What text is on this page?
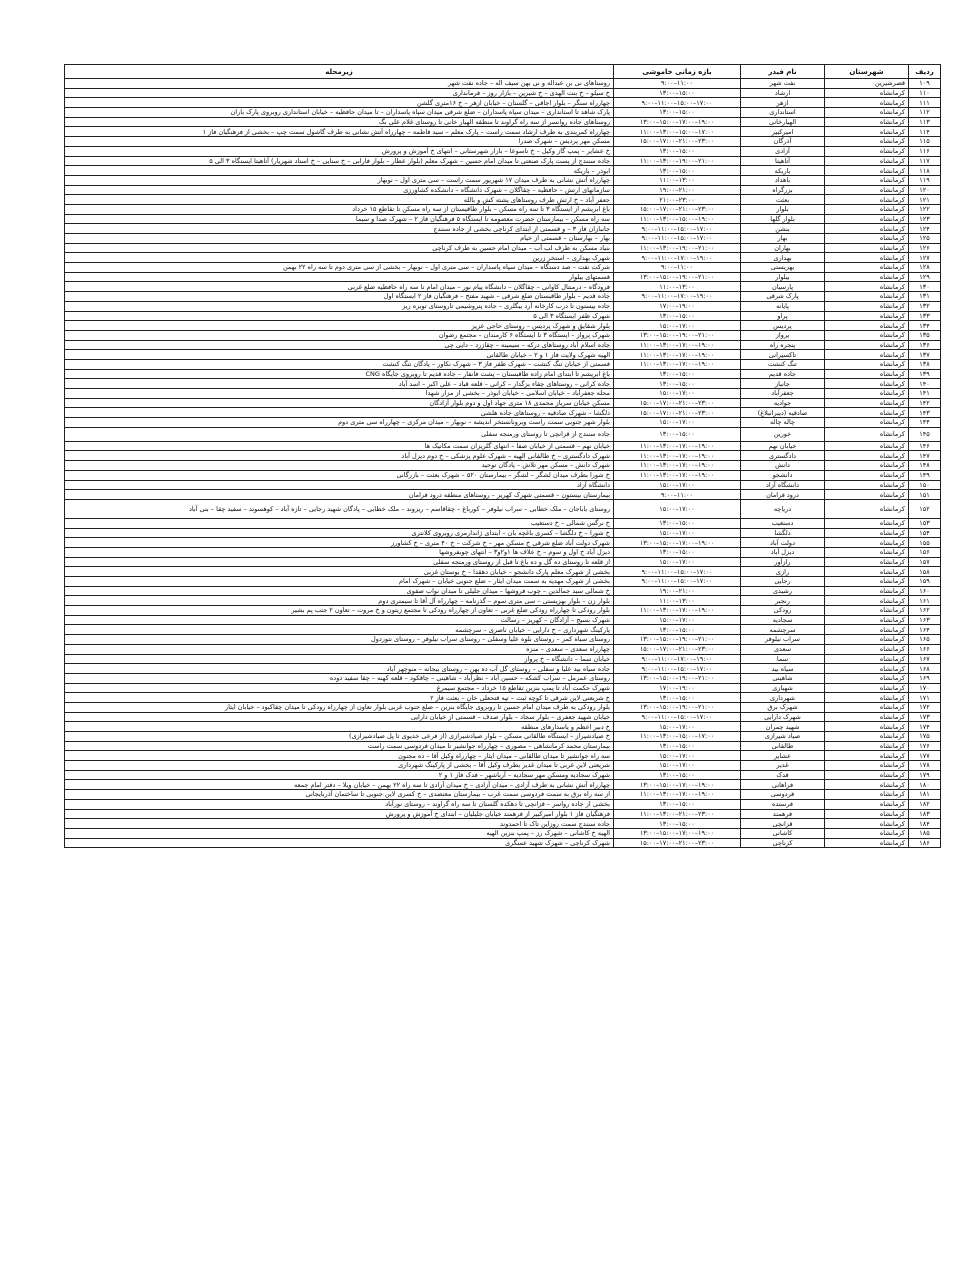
ردیف	شهرستان	نام فیدر	بازه زمانی خاموشی	زیرمحله
۱۰۹	قصرشیرین	نفت شهر	۹:۰۰–۱۱:۰۰	روستاهای نی بن عبداله و نی بهن سیف اله – جاده نفت شهر
۱۱۰	کرمانشاه	ارشاد	۱۳:۰۰–۱۵:۰۰	خ سیلو – خ بنت الهدی – خ شیرین – بازار روز – فرمانداری
۱۱۱	کرمانشاه	ازهر	۹:۰۰–۱۱:۰۰–۱۵:۰۰–۱۷:۰۰	چهارراه سنگر – بلوار اجاقی – گلستان – خیابان ازهر – خ ۱۶متری گلشن
۱۱۲	کرمانشاه	استانداری	۱۳:۰۰–۱۵:۰۰	پارک شاهد تا استانداری – میدان سپاه پاسداران – ضلع شرقی میدان سپاه پاسداران – تا میدان حافظیه – خیابان استانداری روبروی پارک باران
۱۱۳	کرمانشاه	الهیارخانی	۱۳:۰۰–۱۵:۰۰–۱۷:۰۰–۱۹:۰۰	روستاهای جاده روانسر از سه راه گراوند تا منطقه الهیار خانی تا روستای غلام علی بگ
۱۱۴	کرمانشاه	امیرکبیر	۱۱:۰۰–۱۳:۰۰–۱۵:۰۰–۱۷:۰۰	چهارراه کمربندی به طرف ارشاد سمت راست – پارک معلم – سید فاطمه – چهارراه آتش نشانی به طرف گاشول سمت چپ – بخشی از فرهنگیان فاز ۱
۱۱۵	کرمانشاه	آذرگان	۱۵:۰۰–۱۷:۰۰–۲۱:۰۰–۲۳:۰۰	مسکن مهر پردیس – شهرک صدرا
۱۱۶	کرمانشاه	آزادی	۱۳:۰۰–۱۵:۰۰	خ عشایر – پمپ گاز وکیل – خ تاسوعا – بازار شهرستانی – انتهای خ آموزش و پرورش
۱۱۷	کرمانشاه	آتاهیتا	۱۱:۰۰–۱۳:۰۰–۱۹:۰۰–۲۱:۰۰	جاده سنندج از پست پارک صنعتی تا میدان امام حسین – شهرک معلم (بلوار عطار – بلوار فارابی – خ ستایی – خ استاد شهریار) آتاهیتا ایستگاه ۳ الی ۵
۱۱۸	کرمانشاه	باریکه	۱۳:۰۰–۱۵:۰۰	ابوذر – باریکه
۱۱۹	کرمانشاه	باهداد	۱۱:۰۰–۱۳:۰۰	چهارراه آتش نشانی به طرف میدان ۱۷ شهریور سمت راست – سی متری اول – نوبهار
۱۲۰	کرمانشاه	بزرگراه	۱۹:۰۰–۲۱:۰۰	سازمانهای ارتش – حافظیه – چقاگلان – شهرک دانشگاه – دانشکده کشاورزی
۱۲۱	کرمانشاه	بعثت	۲۱:۰۰–۲۳:۰۰	جعفر آباد – خ ارتش طرف روستاهای پشته کش و بالله
۱۲۲	کرمانشاه	بلوار	۱۵:۰۰–۱۷:۰۰–۲۱:۰۰–۲۳:۰۰	باغ ابریشم از ایستگاه ۳ تا سه راه مسکن – بلوار طاقبستان از سه راه مسکن تا تقاطع ۱۵ خرداد
۱۲۳	کرمانشاه	بلوار گلها	۱۱:۰۰–۱۳:۰۰–۱۵:۰۰–۱۹:۰۰	سه راه مسکن – بیمارستان حضرت معصومه تا ایستگاه ۵ فرهنگیان فاز ۲ – شهرک صدا و سیما
۱۲۴	کرمانشاه	بنشن	۹:۰۰–۱۱:۰۰–۱۵:۰۰–۱۷:۰۰	جانبازان فاز ۳ – و قسمتی از ابتدای کرناچی بخشی از جاده سنندج
۱۲۵	کرمانشاه	بهار	۹:۰۰–۱۱:۰۰–۱۵:۰۰–۱۷:۰۰	بهار – بهارستان – قسمتی از خیام
۱۲۶	کرمانشاه	بهاران	۱۱:۰۰–۱۳:۰۰–۱۹:۰۰–۲۱:۰۰	بنیاد مسکن به طرف لب آب – میدان امام حسین به طرف کرناچی
۱۲۷	کرمانشاه	بهداری	۹:۰۰–۱۱:۰۰–۱۷:۰۰–۱۹:۰۰	شهرک بهداری – استخر زرین
۱۲۸	کرمانشاه	بهزیستی	۹:۰۰–۱۱:۰۰	شرکت نفت – صد دستگاه – میدان سپاه پاسداران – سی متری اول – نوبهار – بخشی از سی متری دوم تا سه راه ۲۲ بهمن
۱۲۹	کرمانشاه	بیلوار	۱۳:۰۰–۱۵:۰۰–۱۹:۰۰–۲۱:۰۰	قسمتهای بیلوار
۱۳۰	کرمانشاه	پارسیان	۱۱:۰۰–۱۳:۰۰	فرودگاه – درمنتال کاوانی – چقاگلان – دانشگاه پیام نور – میدان امام تا سه راه حافظیه ضلع غربی
۱۳۱	کرمانشاه	پارک شرقی	۹:۰۰–۱۱:۰۰–۱۷:۰۰–۱۹:۰۰	جاده قدیم – بلوار طاقبستان ضلع شرقی – شهید مفتح – فرهنگیان فاز ۲ ایستگاه اول
۱۳۲	کرمانشاه	پایانه	۱۷:۰۰–۱۹:۰۰	جاده بیستون تا درب کارخانه آرد بیگلری – جاده پتروشیمی تاروستای توبره ریز
۱۳۳	کرمانشاه	پراو	۱۳:۰۰–۱۵:۰۰	شهرک ظفر ایستگاه ۳ الی ۵
۱۳۴	کرمانشاه	پردیس	۱۵:۰۰–۱۷:۰۰	بلوار شقایق و شهرک پردیس – روستای حاجی عزیز
۱۳۵	کرمانشاه	پرواز	۱۳:۰۰–۱۵:۰۰–۱۹:۰۰–۲۱:۰۰	شهرک پرواز – ایستگاه ۳ تا ایستگاه ۶ کارمندان – مجتمع رضوان
۱۳۶	کرمانشاه	پنجره راه	۱۱:۰۰–۱۳:۰۰–۱۷:۰۰–۱۹:۰۰	جاده اسلام آباد روستاهای درکه – سیمینه – چقازرد – دایی چی
۱۳۷	کرمانشاه	تاکسیرانی	۱۱:۰۰–۱۳:۰۰–۱۷:۰۰–۱۹:۰۰	الهیه شهرک ولایت فاز ۱ و ۲ – خیابان طالقانی
۱۳۸	کرمانشاه	تنگ کنشت	۱۱:۰۰–۱۳:۰۰–۱۷:۰۰–۱۹:۰۰	قسمتی از خیابان تنگ کنشت – شهرک ظفر فاز ۳ – شهرک نکاور – پادگان تنگ کنشت
۱۳۹	کرمانشاه	جاده قدیم	۱۳:۰۰–۱۵:۰۰	باغ ابریشم تا ابتدای امام زاده طاقبستان – پشت فانفار – جاده قدیم تا روبروی جایگاه CNG
۱۴۰	کرمانشاه	جانباز	۱۳:۰۰–۱۵:۰۰	جاده کرانی – روستاهای چقاء بزگدار – کرانی – قلعه قباد – علی اکبر – اسد آباد
۱۴۱	کرمانشاه	جعفرآباد	۱۵:۰۰–۱۷:۰۰	محله جعفرآباد – خیابان اسلامی – خیابان ابوذر – بخشی از مزار شهدا
۱۴۲	کرمانشاه	جوادیه	۱۵:۰۰–۱۷:۰۰–۲۱:۰۰–۲۳:۰۰	مسکن خیابان سرباز محمدی ۱۸ متری جهاد اول و دوم بلوار آزادگان
۱۴۳	کرمانشاه	صادقیه (دیبرانبلاغ)	۱۵:۰۰–۱۷:۰۰–۲۱:۰۰–۲۳:۰۰	دلگشا – شهرک صادقیه – روستاهای جاده هلشی
۱۴۴	کرمانشاه	چاله چاله	۱۵:۰۰–۱۷:۰۰	بلوار شهر جنوبی سمت راست وبرونانستخر اندیشه – نوبهار – میدان مرکزی – چهارراه سی متری دوم
۱۴۵	کرمانشاه	خورین	۱۳:۰۰–۱۵:۰۰	جاده سنندج از قزانچی تا روستای ورمنجه سفلی
۱۴۶	کرمانشاه	خیابان نهم	۱۱:۰۰–۱۳:۰۰–۱۷:۰۰–۱۹:۰۰	خیابان نهم – قسمتی از خیابان صفا – انتهای گلریزان سمت مکانیک ها
۱۴۷	کرمانشاه	دادگستری	۱۱:۰۰–۱۳:۰۰–۱۷:۰۰–۱۹:۰۰	شهرک دادگستری – خ طالقانی الهیه – شهرک علوم پزشکی – خ دوم دیزل آباد
۱۴۸	کرمانشاه	دانش	۱۱:۰۰–۱۳:۰۰–۱۷:۰۰–۱۹:۰۰	شهرک دانش – مسکن مهر تلاش – پادگان توحید
۱۴۹	کرمانشاه	دانشجو	۱۱:۰۰–۱۳:۰۰–۱۷:۰۰–۱۹:۰۰	خ شورا بطرف میدان لشگر – لشگر – بیمارستان ۵۲۰ – شهرک بعثت – بازرگانی
۱۵۰	کرمانشاه	دانشگاه آزاد	۱۵:۰۰–۱۷:۰۰	دانشگاه آزاد
۱۵۱	کرمانشاه	درود فرامان	۹:۰۰–۱۱:۰۰	بیمارستان بیستون – قسمتی شهرک کهریز – روستاهای منطقه درود فرامان
۱۵۲	کرمانشاه	دریاچه	۱۵:۰۰–۱۷:۰۰	روستای باباجان – ملک خطابی – سراب نیلوفر – کورباغ – چقاقاسم – ریزوند – ملک خطابی – پادگان شهید رجایی – تازه آباد – کوهسوند – سفید چقا – بنی آباد
۱۵۳	کرمانشاه	دستغیب	۱۳:۰۰–۱۵:۰۰	خ نرگس شمالی – خ دستغیب
۱۵۴	کرمانشاه	دلگشا	۱۵:۰۰–۱۷:۰۰	خ شورا – خ دلگشا – کسری باغچه بان – ابتدای ژاندارمری روبروی کلانتری
۱۵۵	کرمانشاه	دولت آباد	۱۳:۰۰–۱۵:۰۰–۱۷:۰۰–۱۹:۰۰	شهرک دولت آباد ضلع شرقی خ مسکن مهر – خ شرکت – خ ۴۰ متری – خ کشاورز
۱۵۶	کرمانشاه	دیزل آباد	۱۳:۰۰–۱۵:۰۰	دیزل آباد خ اول و سوم – خ علاف ها ۱و۲و۳ – انتهای چوبفروشها
۱۵۷	کرمانشاه	رازآور	۱۵:۰۰–۱۷:۰۰	از قلعه تا روستای ده گل و ده باغ تا قبل از روستای ورمنجه سفلی
۱۵۸	کرمانشاه	رازی	۹:۰۰–۱۱:۰۰–۱۵:۰۰–۱۷:۰۰	بخشی از شهرک معلم پارک دانشجو – خیابان دهقدا – خ بوستان غربی
۱۵۹	کرمانشاه	رجایی	۹:۰۰–۱۱:۰۰–۱۵:۰۰–۱۷:۰۰	بخشی از شهرک مهدیه به سمت میدان ایثار – ضلع جنوبی خیابان – شهرک امام
۱۶۰	کرمانشاه	رشیدی	۱۹:۰۰–۲۱:۰۰	خ شمالی سید جمالدین – چوب فروشها – میدان جلیلی تا میدان نواب صفوی
۱۶۱	کرمانشاه	رنجبر	۱۱:۰۰–۱۳:۰۰	بلوار زن – بلوار بهزیستی – سی متری سوم – گذرنامه – چهارراه آل آقا تا سیمتری دوم
۱۶۲	کرمانشاه	رودکی	۱۱:۰۰–۱۳:۰۰–۱۷:۰۰–۱۹:۰۰	بلوار رودکی تا چهارراه رودکی ضلع غربی – تعاون از چهارراه رودکی تا مجتمع زیتون و خ مروت – تعاون ۲ جنب پم بشیر
۱۶۳	کرمانشاه	سجادیه	۱۵:۰۰–۱۷:۰۰	شهرک بسیج – آزادگان – کهریز – رسالت
۱۶۴	کرمانشاه	سرچشمه	۱۳:۰۰–۱۵:۰۰	پارکینگ شهرداری – خ دارایی – خیابان ناصری – سرچشمه
۱۶۵	کرمانشاه	سراب نیلوفر	۱۳:۰۰–۱۵:۰۰–۱۹:۰۰–۲۱:۰۰	روستای سیاه کمر – روستای بلوه علیا وسفلی – روستای سراب نیلوفر – روستای نتوردول
۱۶۶	کرمانشاه	سعدی	۱۵:۰۰–۱۷:۰۰–۲۱:۰۰–۲۳:۰۰	چهارراه سعدی – سعدی – منزه
۱۶۷	کرمانشاه	سما	۹:۰۰–۱۱:۰۰–۱۷:۰۰–۱۹:۰۰	خیابان سما – دانشگاه – خ پرواز
۱۶۸	کرمانشاه	سیاه بید	۹:۰۰–۱۱:۰۰–۱۵:۰۰–۱۷:۰۰	جاده سیاه بید علیا و سفلی – روستای گل آب ده پهن – روستای بیجانه – منوچهر آباد
۱۶۹	کرمانشاه	شاهینی	۱۳:۰۰–۱۵:۰۰–۱۹:۰۰–۲۱:۰۰	روستای عمرمل – سراب کشکه – حسین آباد – نظرآباد – شاهینی – چاقکود – قلعه کهنه – چقا سفید دوده
۱۷۰	کرمانشاه	شهبازی	۱۷:۰۰–۱۹:۰۰	شهرک حکمت آباد تا پمپ بنزین تقاطع ۱۵ خرداد – مجتمع سیمرغ
۱۷۱	کرمانشاه	شهرداری	۱۳:۰۰–۱۵:۰۰	خ شریعتی لاین شرقی تا کوچه ثبت – تپه قتحعلی خان – بعثت فاز ۲
۱۷۲	کرمانشاه	شهرک برق	۱۳:۰۰–۱۵:۰۰–۱۹:۰۰–۲۱:۰۰	بلوار رودکی به طرف میدان امام حسین تا روبروی جایگاه بنزین – ضلع جنوب غربی بلوار تعاون از چهارراه رودکی تا میدان چقاکبود – خیابان ایثار
۱۷۳	کرمانشاه	شهرک دارایی	۹:۰۰–۱۱:۰۰–۱۵:۰۰–۱۷:۰۰	خیابان شهید جعفری – بلوار سجاد – بلوار صدف – قسمتی از خیابان دارایی
۱۷۴	کرمانشاه	شهید چمران	۱۵:۰۰–۱۷:۰۰	خ دبیر اعظم و پاسدارهای منطقه
۱۷۵	کرمانشاه	صیاد شیرازی	۱۱:۰۰–۱۳:۰۰–۱۵:۰۰–۱۷:۰۰	خ صیادشیراز – ایستگاه طالقانی مسکن – بلوار صیادشیرازی (از فرعی خدیوی تا پل صیادشیرازی)
۱۷۶	کرمانشاه	طالقانی	۱۳:۰۰–۱۵:۰۰	بیمارستان محمد کرمانشاهی – مصوری – چهارراه جوانشیر تا میدان فردوسی سمت راست
۱۷۷	کرمانشاه	عشایر	۱۵:۰۰–۱۷:۰۰	سه راه جوانشیر تا میدان طالقانی – میدان ایثار – چهارراه وکیل آقا – ده مجنون
۱۷۸	کرمانشاه	غدیر	۱۵:۰۰–۱۷:۰۰	شریعتی لاین غربی تا میدان غدیر بطرف وکیل آقا – بخشی از پارکینگ شهرداری
۱۷۹	کرمانشاه	فدک	۱۳:۰۰–۱۵:۰۰	شهرک سجادیه ومسکن مهر سجادیه – آرباشهر – فدک فاز ۱ و ۲
۱۸۰	کرمانشاه	فراهانی	۱۳:۰۰–۱۵:۰۰–۱۷:۰۰–۱۹:۰۰	چهارراه آتش نشانی به طرف آزادی – میدان آزادی – خ میدان آزادی تا سه راه ۲۲ بهمن – خیابان ویلا – دفتر امام جمعه
۱۸۱	کرمانشاه	فردوسی	۱۱:۰۰–۱۳:۰۰–۱۷:۰۰–۱۹:۰۰	از سه راه برق به سمت فردوسی سمت غرب – بیمارستان معتضدی – خ کسری لاین جنوبی تا ساختمان آذربایجانی
۱۸۲	کرمانشاه	فرستده	۱۳:۰۰–۱۵:۰۰	بخشی از جاده رواسر – قزانچی تا دهکده گلستان تا سه راه گراوند – روستای نورآباد
۱۸۳	کرمانشاه	فرهمند	۱۱:۰۰–۱۳:۰۰–۲۱:۰۰–۲۳:۰۰	فرهنگیان فاز ۱ بلوار امیرکبیر از فرهمند خیابان جلیلیان – ابتدای خ آموزش و پرورش
۱۸۴	کرمانشاه	قزانچی	۱۳:۰۰–۱۵:۰۰	جاده سنندج سمت روزاین تاک تا احمدوند
۱۸۵	کرمانشاه	کاشانی	۱۳:۰۰–۱۵:۰۰–۱۷:۰۰–۱۹:۰۰	الهیه خ کاشانی – شهرک رز – پمپ بنزین الهیه
۱۸۶	کرمانشاه	کرناچی	۱۵:۰۰–۱۷:۰۰–۲۱:۰۰–۲۳:۰۰	شهرک کرناچی – شهرک شهید عسگری
